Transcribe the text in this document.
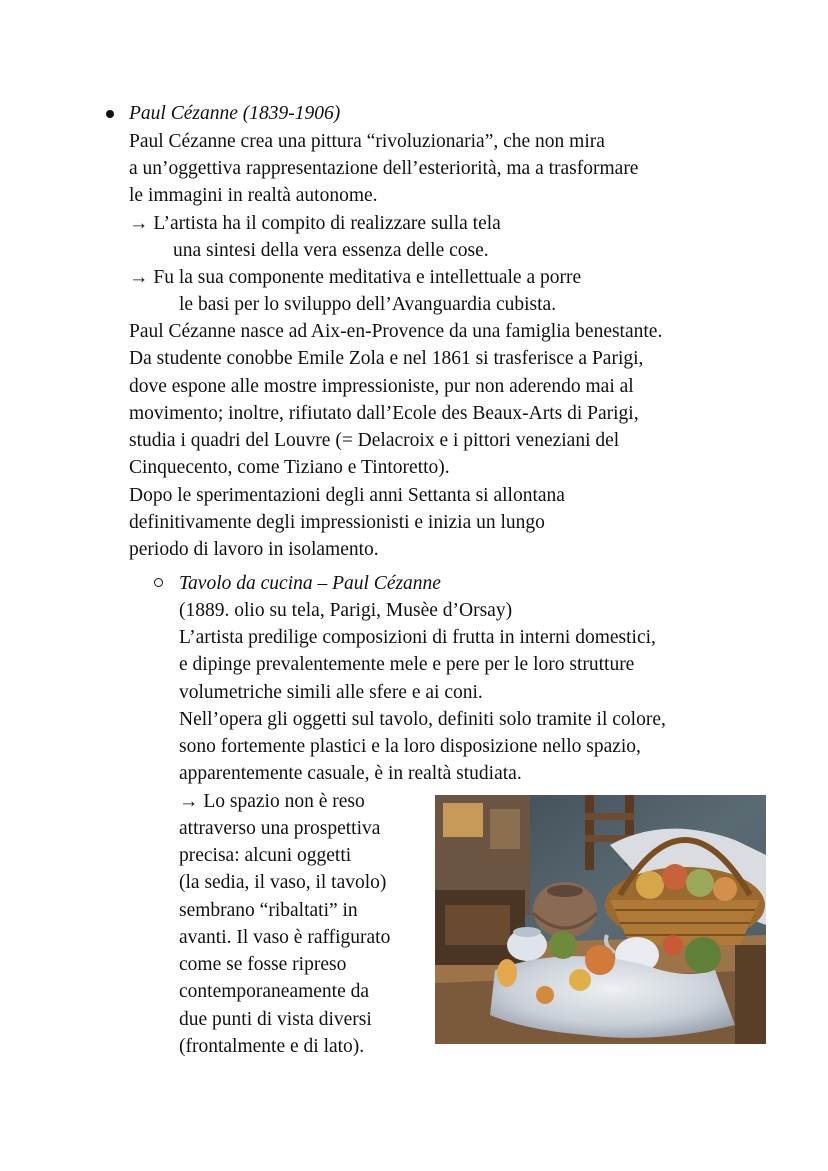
Paul Cézanne (1839-1906)
Paul Cézanne crea una pittura “rivoluzionaria”, che non mira
a un’oggettiva rappresentazione dell’esteriorità, ma a trasformare
le immagini in realtà autonome.
→ L’artista ha il compito di realizzare sulla tela
una sintesi della vera essenza delle cose.
→ Fu la sua componente meditativa e intellettuale a porre
le basi per lo sviluppo dell’Avanguardia cubista.
Paul Cézanne nasce ad Aix-en-Provence da una famiglia benestante.
Da studente conobbe Emile Zola e nel 1861 si trasferisce a Parigi,
dove espone alle mostre impressioniste, pur non aderendo mai al
movimento; inoltre, rifiutato dall’Ecole des Beaux-Arts di Parigi,
studia i quadri del Louvre (= Delacroix e i pittori veneziani del
Cinquecento, come Tiziano e Tintoretto).
Dopo le sperimentazioni degli anni Settanta si allontana
definitivamente degli impressionisti e inizia un lungo
periodo di lavoro in isolamento.
Tavolo da cucina – Paul Cézanne
(1889. olio su tela, Parigi, Musèe d’Orsay)
L’artista predilige composizioni di frutta in interni domestici,
e dipinge prevalentemente mele e pere per le loro strutture
volumetriche simili alle sfere e ai coni.
Nell’opera gli oggetti sul tavolo, definiti solo tramite il colore,
sono fortemente plastici e la loro disposizione nello spazio,
apparentemente casuale, è in realtà studiata.
→ Lo spazio non è reso
attraverso una prospettiva
precisa: alcuni oggetti
(la sedia, il vaso, il tavolo)
sembrano “ribaltati” in
avanti. Il vaso è raffigurato
come se fosse ripreso
contemporaneamente da
due punti di vista diversi
(frontalmente e di lato).
